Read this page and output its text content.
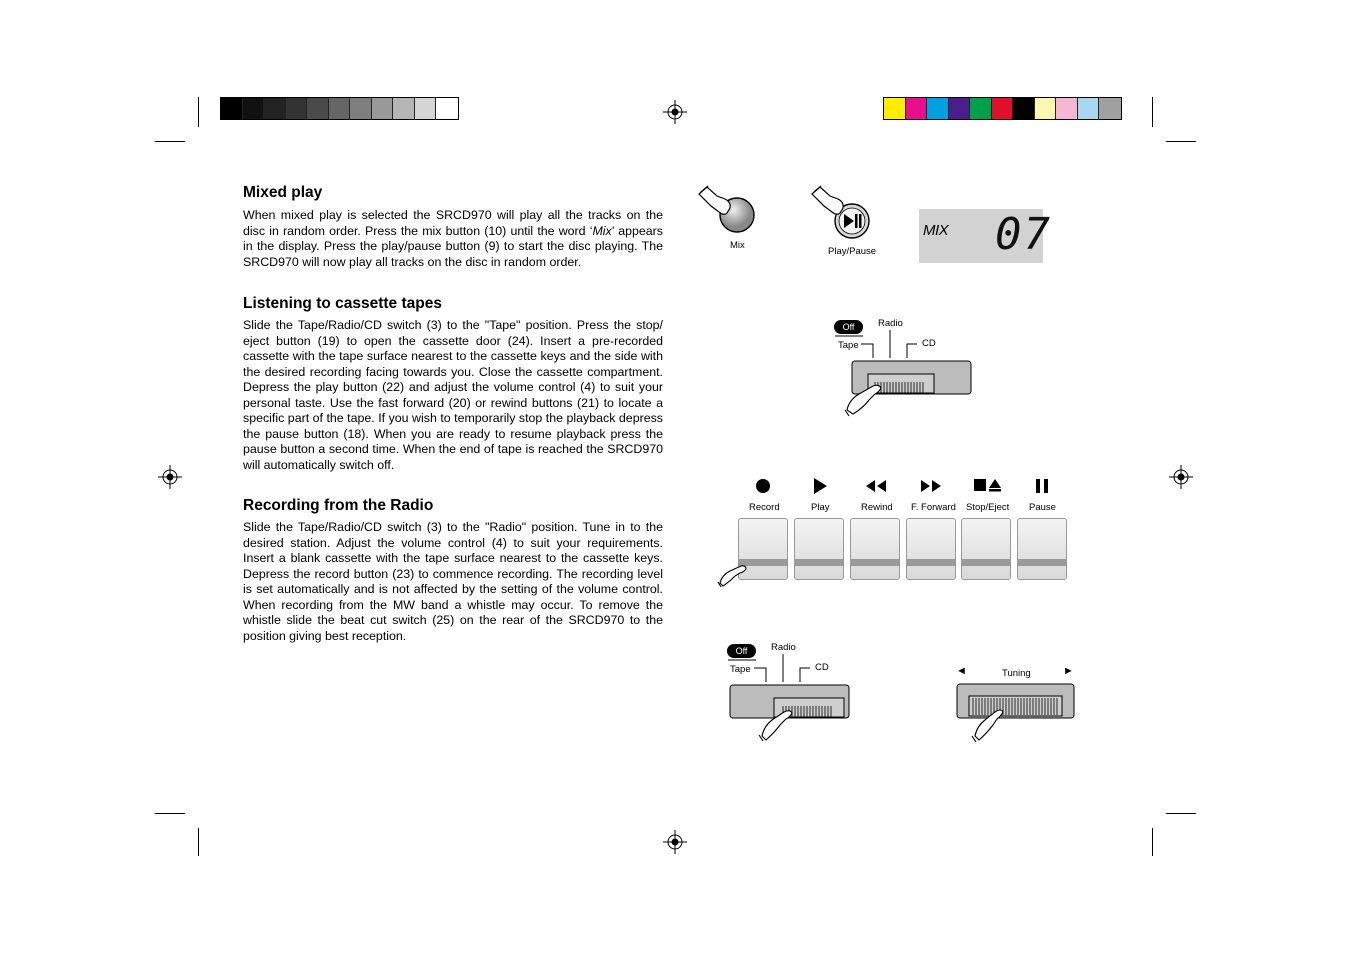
Mixed play
When mixed play is selected the SRCD970 will play all the tracks on the disc in random order. Press the mix button (10) until the word ‘Mix’ appears in the display. Press the play/pause button (9) to start the disc playing. The SRCD970 will now play all tracks on the disc in random order.
Listening to cassette tapes
Slide the Tape/Radio/CD switch (3) to the "Tape" position. Press the stop/ eject button (19) to open the cassette door (24). Insert a pre-recorded cassette with the tape surface nearest to the cassette keys and the side with the desired recording facing towards you. Close the cassette compartment. Depress the play button (22) and adjust the volume control (4) to suit your personal taste. Use the fast forward (20) or rewind buttons (21) to locate a specific part of the tape. If you wish to temporarily stop the playback depress the pause button (18). When you are ready to resume playback press the pause button a second time. When the end of tape is reached the SRCD970 will automatically switch off.
Recording from the Radio
Slide the Tape/Radio/CD switch (3) to the "Radio" position. Tune in to the desired station. Adjust the volume control (4) to suit your requirements. Insert a blank cassette with the tape surface nearest to the cassette keys. Depress the record button (23) to commence recording. The recording level is set automatically and is not affected by the setting of the volume control. When recording from the MW band a whistle may occur. To remove the whistle slide the beat cut switch (25) on the rear of the SRCD970 to the position giving best reception.
Mix
Play/Pause
MIX 07
Off
Tape
Radio
CD
Record	Play	Rewind F. Forward Stop/Eject Pause
Off
Tape
Radio
CD	◄	Tuning	►
